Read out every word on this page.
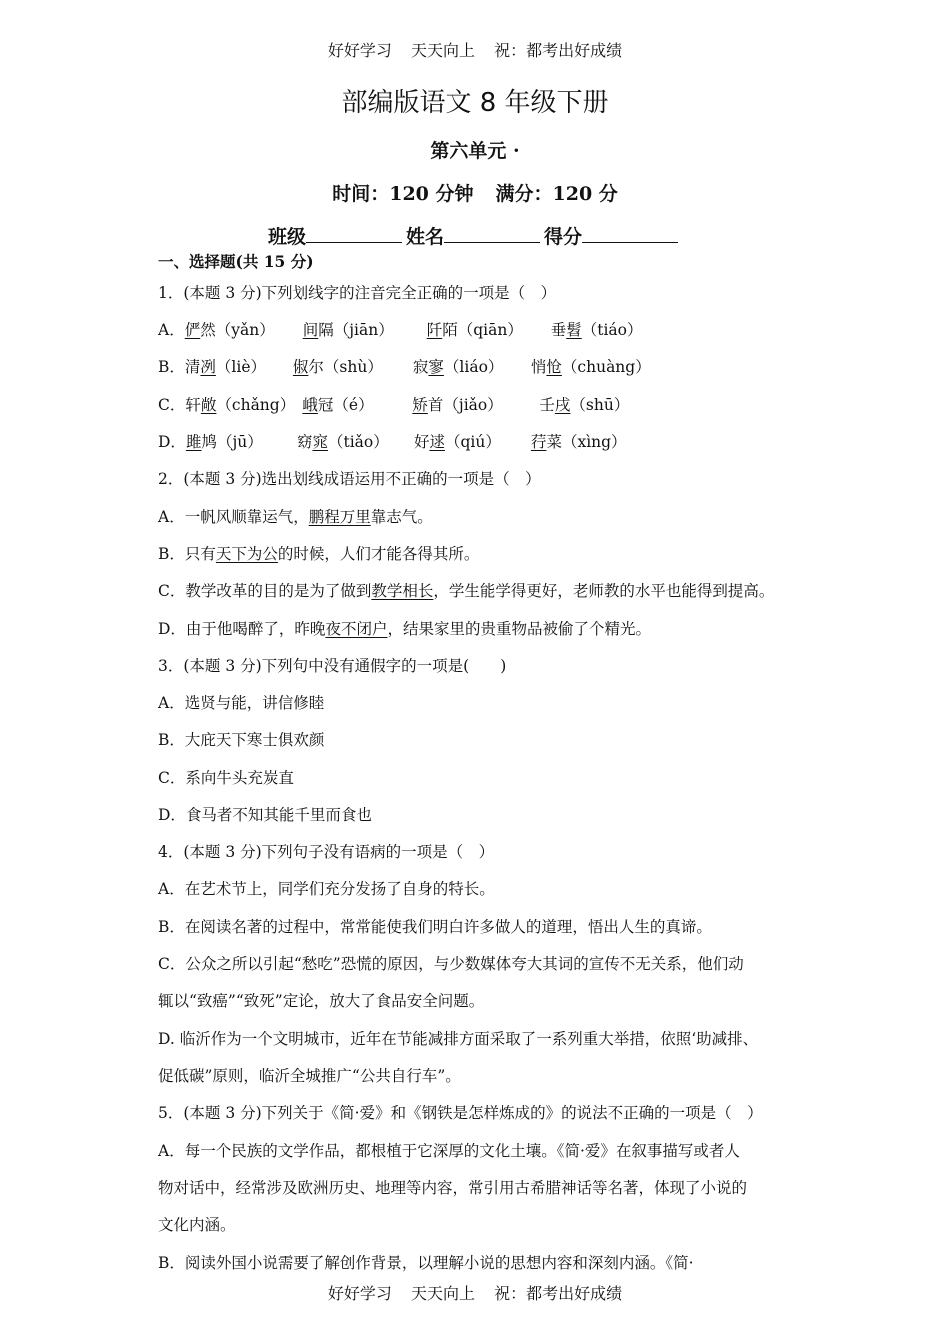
好好学习 天天向上 祝：都考出好成绩
部编版语文 8 年级下册
第六单元 ·
时间：120 分钟 满分：120 分
班级	姓名	得分
一、选择题(共 15 分)
1．(本题 3 分)下列划线字的注音完全正确的一项是（　）
A．俨然（yǎn） 间隔（jiān） 阡陌（qiān） 垂髫（tiáo）
B．清冽（liè） 俶尔（shù） 寂寥（liáo） 悄怆（chuàng）
C．轩敞（chǎng） 峨冠（é）	矫首（jiǎo） 壬戌（shū）
D．雎鸠（jū） 窈窕（tiǎo） 好逑（qiú） 荇菜（xìng）
2．(本题 3 分)选出划线成语运用不正确的一项是（　）
A．一帆风顺靠运气，鹏程万里靠志气。
B．只有天下为公的时候，人们才能各得其所。
C．教学改革的目的是为了做到教学相长，学生能学得更好，老师教的水平也能得到提高。
D．由于他喝醉了，昨晚夜不闭户，结果家里的贵重物品被偷了个精光。
3．(本题 3 分)下列句中没有通假字的一项是(　　)
A．选贤与能，讲信修睦
B．大庇天下寒士俱欢颜
C．系向牛头充炭直
D．食马者不知其能千里而食也
4．(本题 3 分)下列句子没有语病的一项是（　）
A．在艺术节上，同学们充分发扬了自身的特长。
B．在阅读名著的过程中，常常能使我们明白许多做人的道理，悟出人生的真谛。
C．公众之所以引起“愁吃”恐慌的原因，与少数媒体夸大其词的宣传不无关系，他们动
辄以“致癌”“致死”定论，放大了食品安全问题。
D. 临沂作为一个文明城市，近年在节能减排方面采取了一系列重大举措，依照‘助减排、
促低碳”原则，临沂全城推广“公共自行车”。
5．(本题 3 分)下列关于《简·爱》和《钢铁是怎样炼成的》的说法不正确的一项是（　）
A．每一个民族的文学作品，都根植于它深厚的文化土壤。《简·爱》在叙事描写或者人
物对话中，经常涉及欧洲历史、地理等内容，常引用古希腊神话等名著，体现了小说的
文化内涵。
B．阅读外国小说需要了解创作背景，以理解小说的思想内容和深刻内涵。《简·
好好学习 天天向上 祝：都考出好成绩
